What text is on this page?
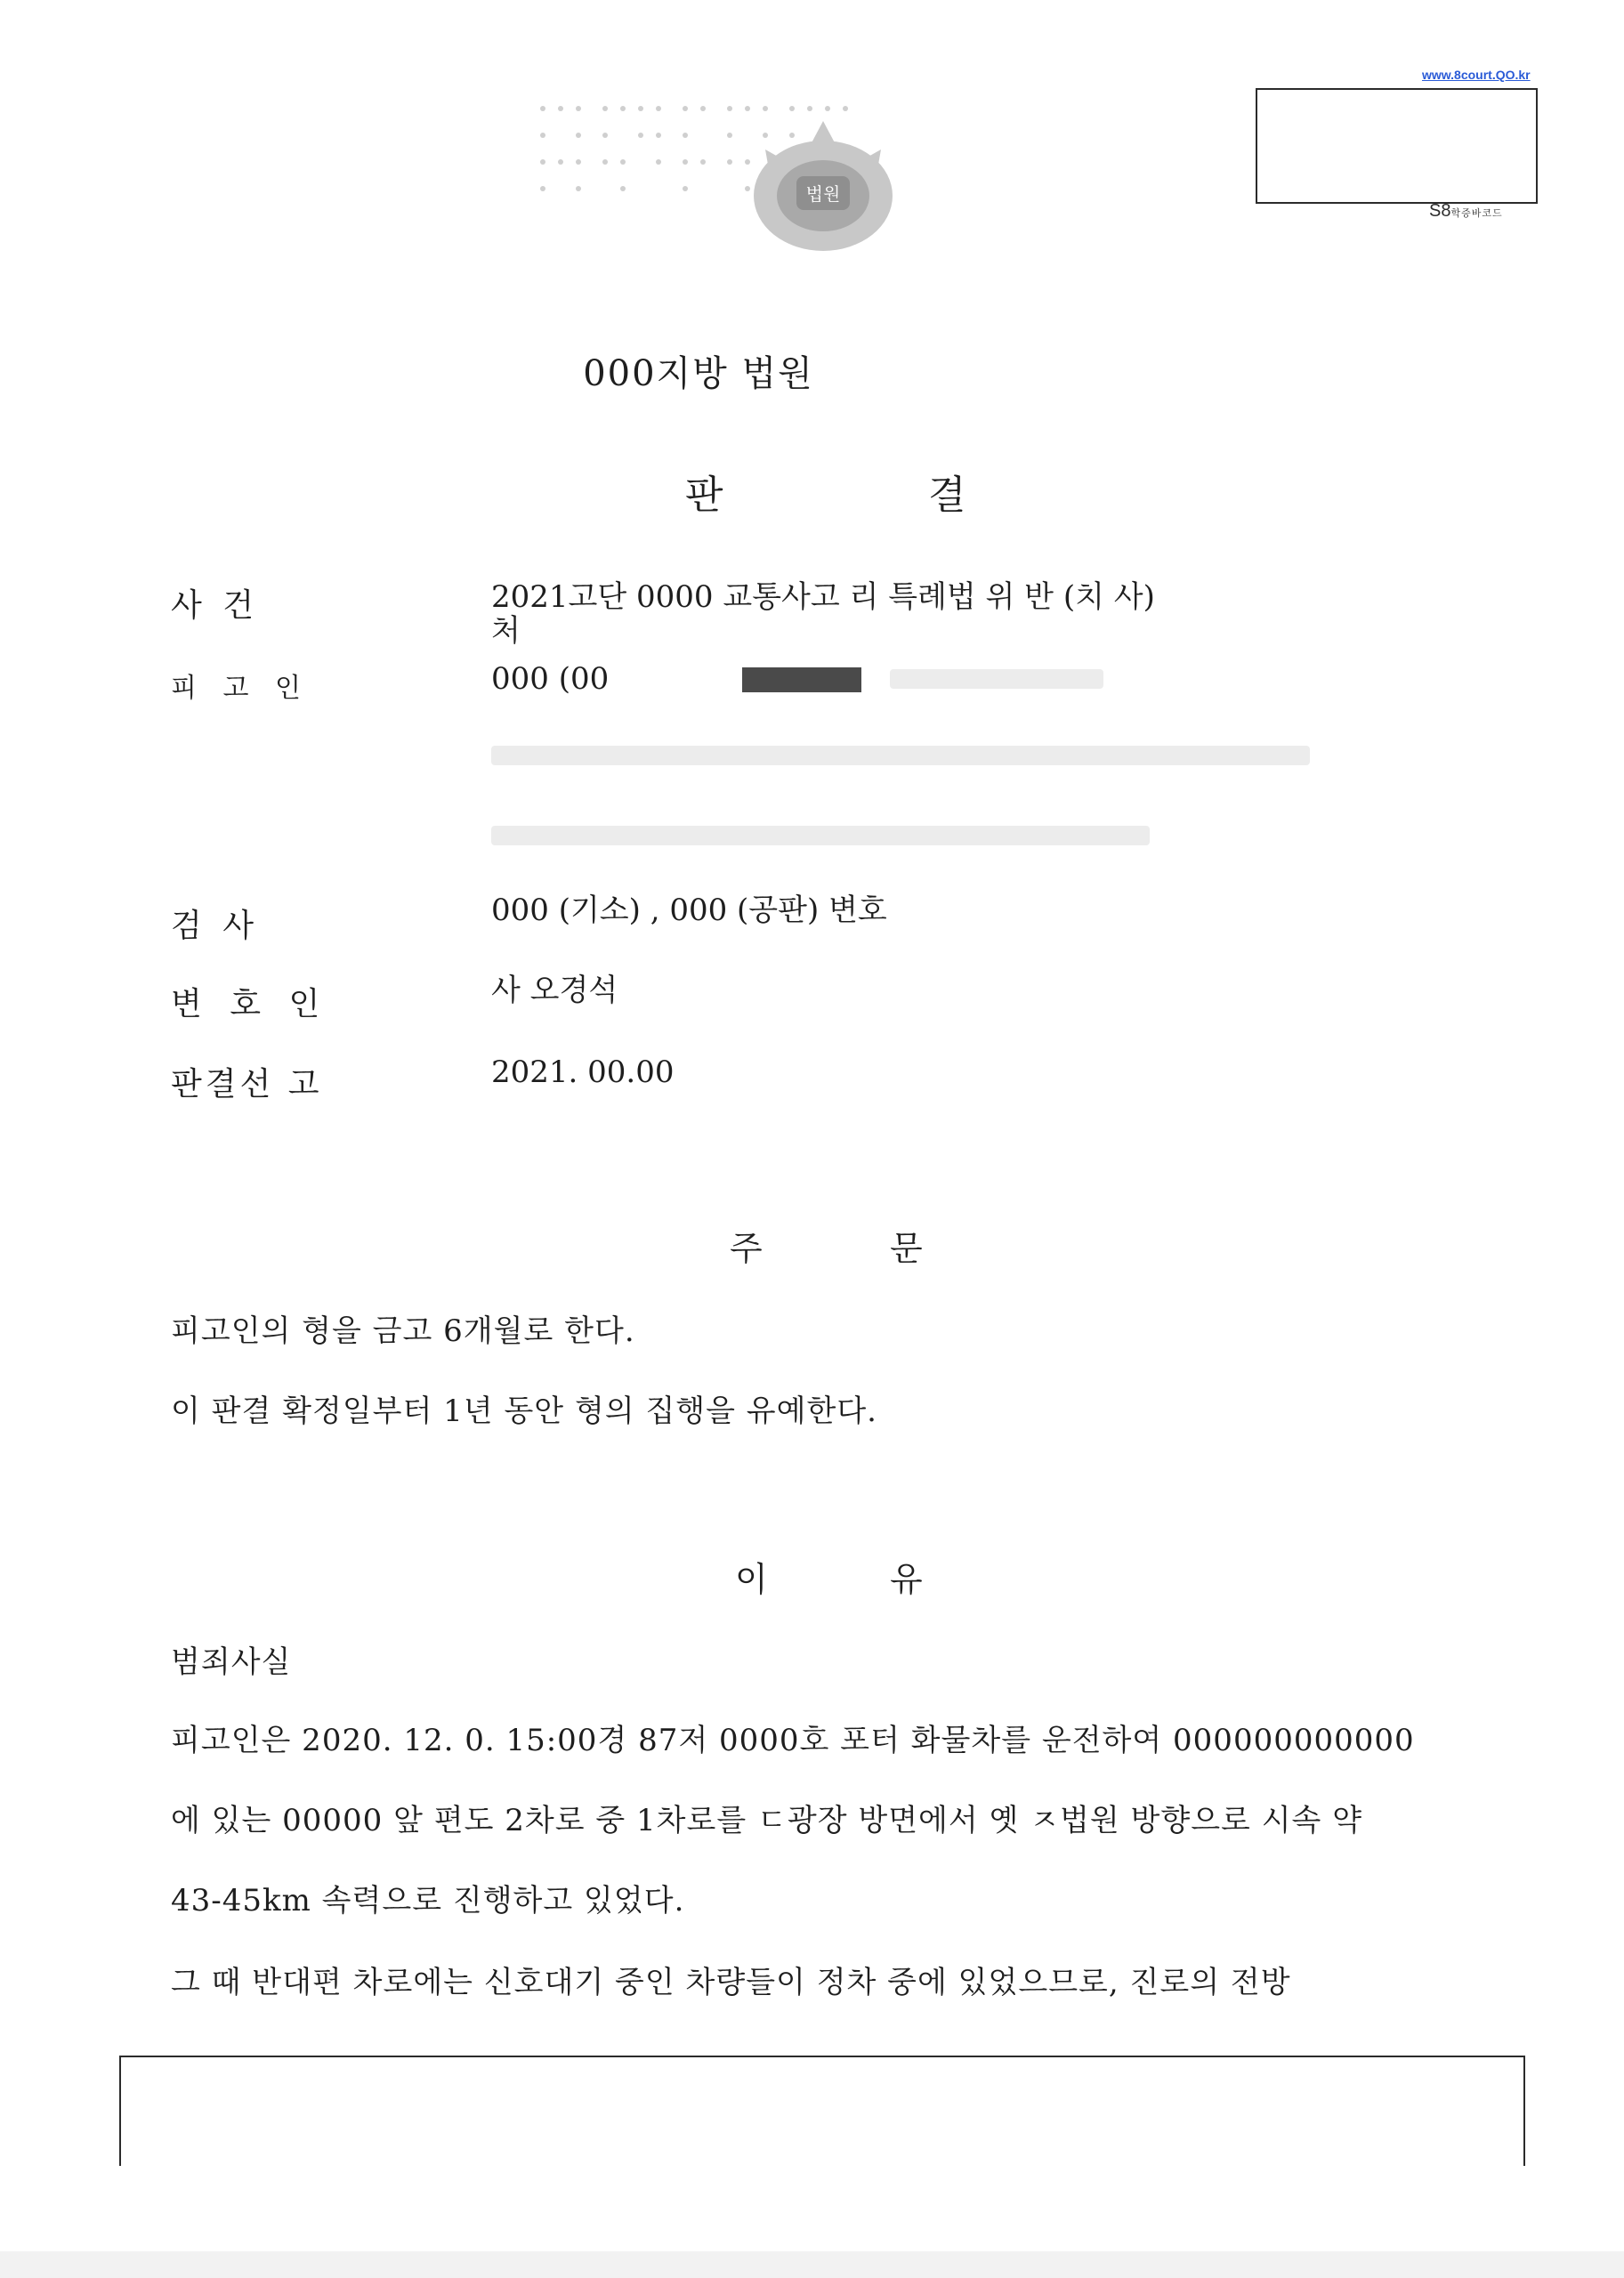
www.8court.QO.kr
S8학증바코드
법원
000지방 법원
판	결
사 건	2021고단 0000 교통사고 리 특례법 위 반 (치 사)
처
피 고 인	000 (00
검 사	000 (기소) , 000 (공판) 변호
변 호 인	사 오경석
판결선 고	2021. 00.00
주	문
피고인의 형을 금고 6개월로 한다.
이 판결 확정일부터 1년 동안 형의 집행을 유예한다.
이	유
범죄사실
피고인은 2020. 12. 0. 15:00경 87저 0000호 포터 화물차를 운전하여 000000000000
에 있는 00000 앞 편도 2차로 중 1차로를 ㄷ광장 방면에서 옛 ㅈ법원 방향으로 시속 약
43-45km 속력으로 진행하고 있었다.
그 때 반대편 차로에는 신호대기 중인 차량들이 정차 중에 있었으므로, 진로의 전방
